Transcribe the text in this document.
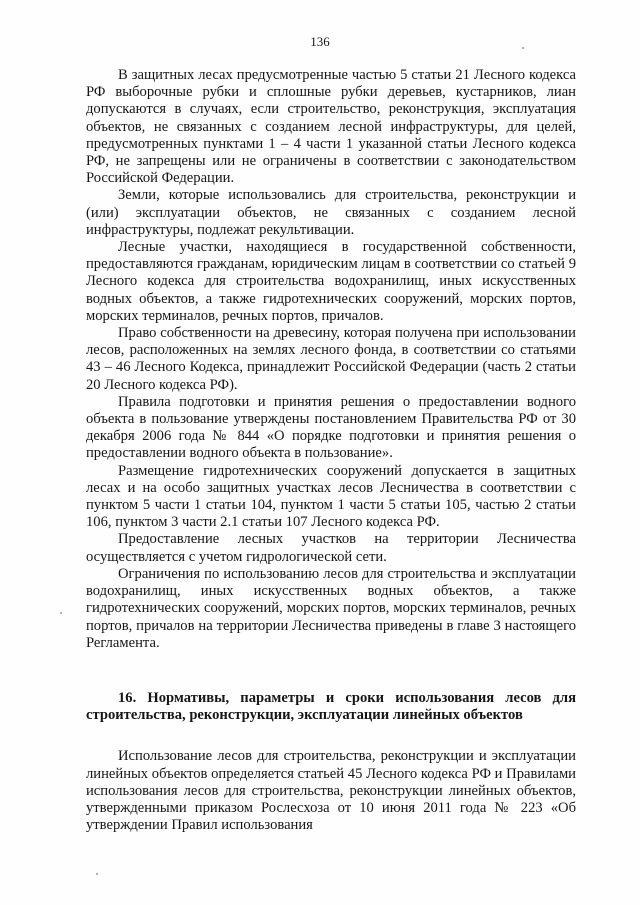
136

В защитных лесах предусмотренные частью 5 статьи 21 Лесного кодекса РФ выборочные рубки и сплошные рубки деревьев, кустарников, лиан допускаются в случаях, если строительство, реконструкция, эксплуатация объектов, не связанных с созданием лесной инфраструктуры, для целей, предусмотренных пунктами 1 – 4 части 1 указанной статьи Лесного кодекса РФ, не запрещены или не ограничены в соответствии с законодательством Российской Федерации.

Земли, которые использовались для строительства, реконструкции и (или) эксплуатации объектов, не связанных с созданием лесной инфраструктуры, подлежат рекультивации.

Лесные участки, находящиеся в государственной собственности, предоставляются гражданам, юридическим лицам в соответствии со статьей 9 Лесного кодекса для строительства водохранилищ, иных искусственных водных объектов, а также гидротехнических сооружений, морских портов, морских терминалов, речных портов, причалов.

Право собственности на древесину, которая получена при использовании лесов, расположенных на землях лесного фонда, в соответствии со статьями 43 – 46 Лесного Кодекса, принадлежит Российской Федерации (часть 2 статьи 20 Лесного кодекса РФ).

Правила подготовки и принятия решения о предоставлении водного объекта в пользование утверждены постановлением Правительства РФ от 30 декабря 2006 года № 844 «О порядке подготовки и принятия решения о предоставлении водного объекта в пользование».

Размещение гидротехнических сооружений допускается в защитных лесах и на особо защитных участках лесов Лесничества в соответствии с пунктом 5 части 1 статьи 104, пунктом 1 части 5 статьи 105, частью 2 статьи 106, пунктом 3 части 2.1 статьи 107 Лесного кодекса РФ.

Предоставление лесных участков на территории Лесничества осуществляется с учетом гидрологической сети.

Ограничения по использованию лесов для строительства и эксплуатации водохранилищ, иных искусственных водных объектов, а также гидротехнических сооружений, морских портов, морских терминалов, речных портов, причалов на территории Лесничества приведены в главе 3 настоящего Регламента.

16. Нормативы, параметры и сроки использования лесов для строительства, реконструкции, эксплуатации линейных объектов

Использование лесов для строительства, реконструкции и эксплуатации линейных объектов определяется статьей 45 Лесного кодекса РФ и Правилами использования лесов для строительства, реконструкции линейных объектов, утвержденными приказом Рослесхоза от 10 июня 2011 года № 223 «Об утверждении Правил использования
